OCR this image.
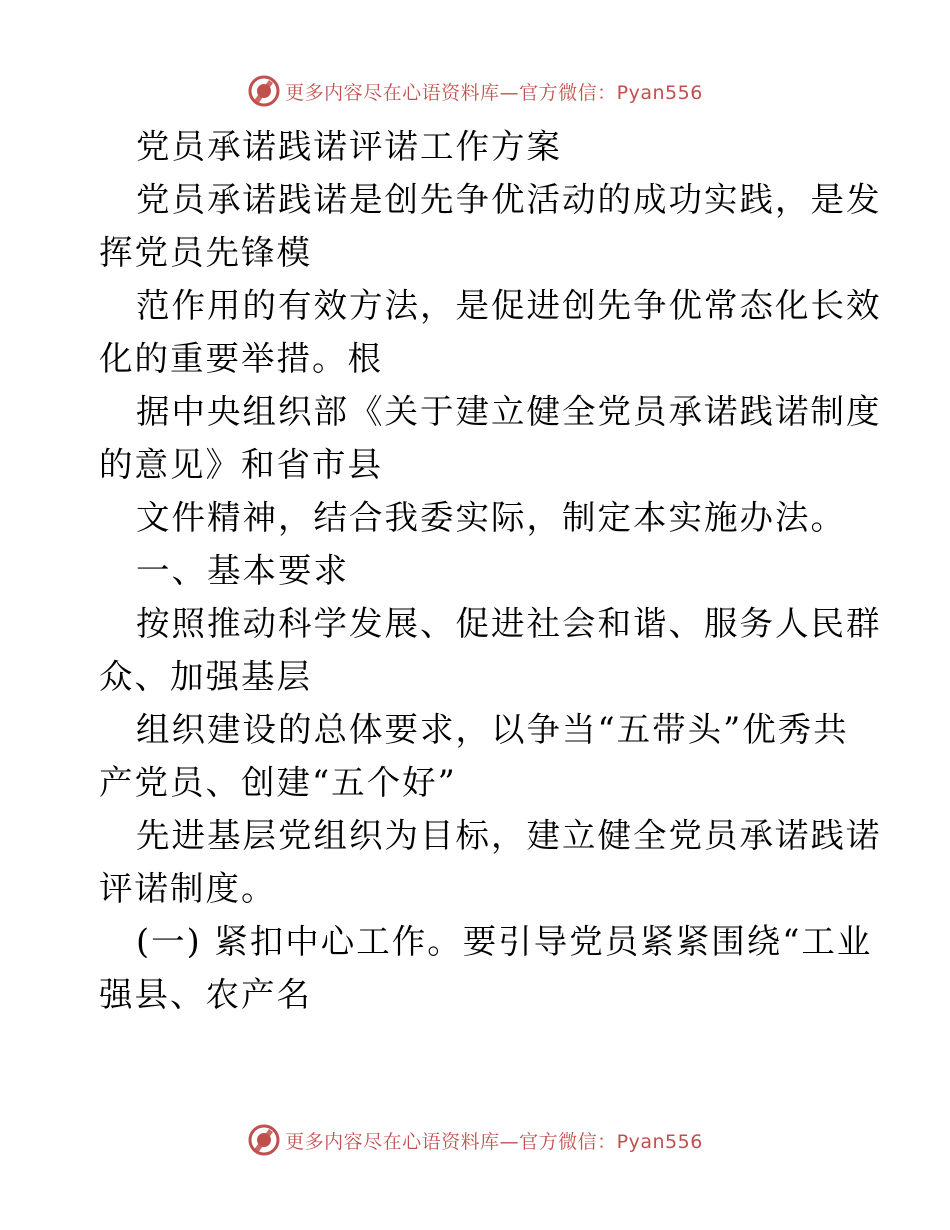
更多内容尽在心语资料库—官方微信：Pyan556
党员承诺践诺评诺工作方案
党员承诺践诺是创先争优活动的成功实践，是发
挥党员先锋模
范作用的有效方法，是促进创先争优常态化长效
化的重要举措。根
据中央组织部《关于建立健全党员承诺践诺制度
的意见》和省市县
文件精神，结合我委实际，制定本实施办法。
一、基本要求
按照推动科学发展、促进社会和谐、服务人民群
众、加强基层
组织建设的总体要求，以争当“五带头”优秀共
产党员、创建“五个好”
先进基层党组织为目标，建立健全党员承诺践诺
评诺制度。
(一) 紧扣中心工作。要引导党员紧紧围绕“工业
强县、农产名
更多内容尽在心语资料库—官方微信：Pyan556
